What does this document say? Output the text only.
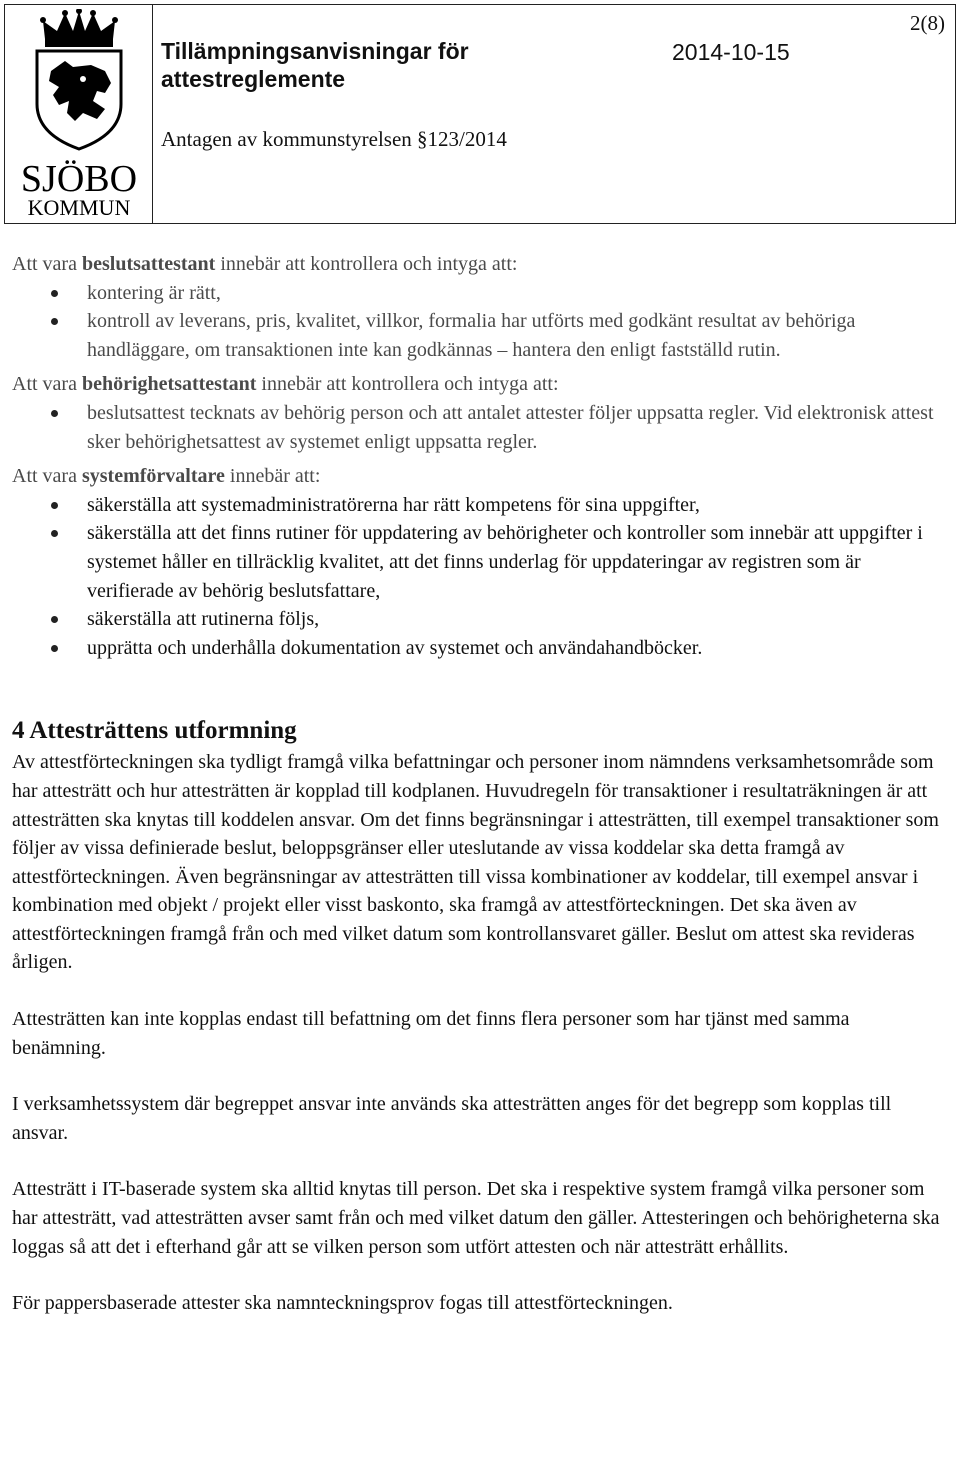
SJÖBO
KOMMUN
Tillämpningsanvisningar för attestreglemente
2014-10-15
2(8)
Antagen av kommunstyrelsen §123/2014

Att vara beslutsattestant innebär att kontrollera och intyga att:

kontering är rätt,
kontroll av leverans, pris, kvalitet, villkor, formalia har utförts med godkänt resultat av behöriga handläggare, om transaktionen inte kan godkännas – hantera den enligt fastställd rutin.

Att vara behörighetsattestant innebär att kontrollera och intyga att:

beslutsattest tecknats av behörig person och att antalet attester följer uppsatta regler. Vid elektronisk attest sker behörighetsattest av systemet enligt uppsatta regler.

Att vara systemförvaltare innebär att:

säkerställa att systemadministratörerna har rätt kompetens för sina uppgifter,
säkerställa att det finns rutiner för uppdatering av behörigheter och kontroller som innebär att uppgifter i systemet håller en tillräcklig kvalitet, att det finns underlag för uppdateringar av registren som är verifierade av behörig beslutsfattare,
säkerställa att rutinerna följs,
upprätta och underhålla dokumentation av systemet och användahandböcker.

4 Attesträttens utformning

Av attestförteckningen ska tydligt framgå vilka befattningar och personer inom nämndens verksamhetsområde som har attesträtt och hur attesträtten är kopplad till kodplanen. Huvudregeln för transaktioner i resultaträkningen är att attesträtten ska knytas till koddelen ansvar. Om det finns begränsningar i attesträtten, till exempel transaktioner som följer av vissa definierade beslut, beloppsgränser eller uteslutande av vissa koddelar ska detta framgå av attestförteckningen. Även begränsningar av attesträtten till vissa kombinationer av koddelar, till exempel ansvar i kombination med objekt / projekt eller visst baskonto, ska framgå av attestförteckningen. Det ska även av attestförteckningen framgå från och med vilket datum som kontrollansvaret gäller. Beslut om attest ska revideras årligen.

Attesträtten kan inte kopplas endast till befattning om det finns flera personer som har tjänst med samma benämning.

I verksamhetssystem där begreppet ansvar inte används ska attesträtten anges för det begrepp som kopplas till ansvar.

Attesträtt i IT-baserade system ska alltid knytas till person. Det ska i respektive system framgå vilka personer som har attesträtt, vad attesträtten avser samt från och med vilket datum den gäller. Attesteringen och behörigheterna ska loggas så att det i efterhand går att se vilken person som utfört attesten och när attesträtt erhållits.

För pappersbaserade attester ska namnteckningsprov fogas till attestförteckningen.
